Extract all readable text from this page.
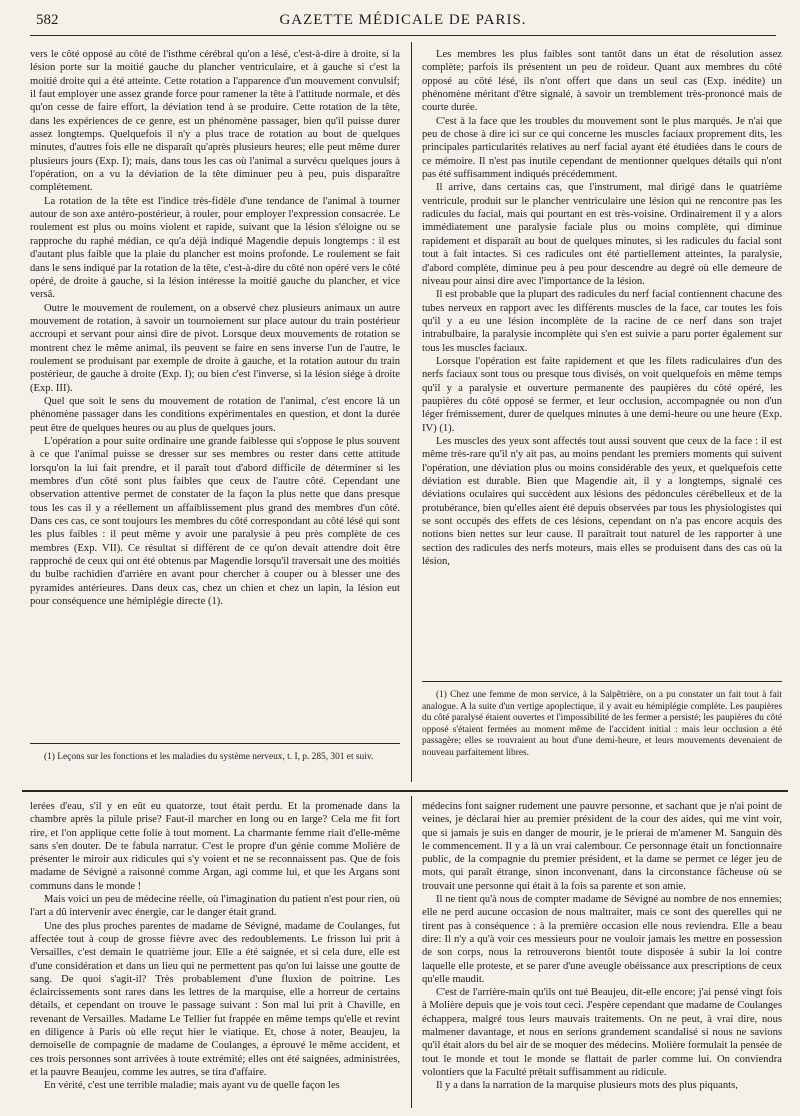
582	GAZETTE MÉDICALE DE PARIS.

vers le côté opposé au côté de l'isthme cérébral qu'on a lésé, c'est-à-dire à droite, si la lésion porte sur la moitié gauche du plancher ventriculaire, et à gauche si c'est la moitié droite qui a été atteinte. Cette rotation a l'apparence d'un mouvement convulsif; il faut employer une assez grande force pour ramener la tête à l'attitude normale, et dès qu'on cesse de faire effort, la déviation tend à se produire. Cette rotation de la tête, dans les expériences de ce genre, est un phénomène passager, bien qu'il puisse durer assez longtemps. Quelquefois il n'y a plus trace de rotation au bout de quelques minutes, d'autres fois elle ne disparaît qu'après plusieurs heures; elle peut même durer plusieurs jours (Exp. I); mais, dans tous les cas où l'animal a survécu quelques jours à l'opération, on a vu la déviation de la tête diminuer peu à peu, puis disparaître complétement.

La rotation de la tête est l'indice très-fidèle d'une tendance de l'animal à tourner autour de son axe antéro-postérieur, à rouler, pour employer l'expression consacrée. Le roulement est plus ou moins violent et rapide, suivant que la lésion s'éloigne ou se rapproche du raphé médian, ce qu'a déjà indiqué Magendie depuis longtemps : il est d'autant plus faible que la plaie du plancher est moins profonde. Le roulement se fait dans le sens indiqué par la rotation de la tête, c'est-à-dire du côté non opéré vers le côté opéré, de droite à gauche, si la lésion intéresse la moitié gauche du plancher, et vice versâ.

Outre le mouvement de roulement, on a observé chez plusieurs animaux un autre mouvement de rotation, à savoir un tournoiement sur place autour du train postérieur accroupi et servant pour ainsi dire de pivot. Lorsque deux mouvements de rotation se montrent chez le même animal, ils peuvent se faire en sens inverse l'un de l'autre, le roulement se produisant par exemple de droite à gauche, et la rotation autour du train postérieur, de gauche à droite (Exp. I); ou bien c'est l'inverse, si la lésion siége à droite (Exp. III).

Quel que soit le sens du mouvement de rotation de l'animal, c'est encore là un phénomène passager dans les conditions expérimentales en question, et dont la durée peut être de quelques heures ou au plus de quelques jours.

L'opération a pour suite ordinaire une grande faiblesse qui s'oppose le plus souvent à ce que l'animal puisse se dresser sur ses membres ou rester dans cette attitude lorsqu'on la lui fait prendre, et il paraît tout d'abord difficile de déterminer si les membres d'un côté sont plus faibles que ceux de l'autre côté. Cependant une observation attentive permet de constater de la façon la plus nette que dans presque tous les cas il y a réellement un affaiblissement plus grand des membres d'un côté. Dans ces cas, ce sont toujours les membres du côté correspondant au côté lésé qui sont les plus faibles : il peut même y avoir une paralysie à peu près complète de ces membres (Exp. VII). Ce résultat si différent de ce qu'on devait attendre doit être rapproché de ceux qui ont été obtenus par Magendie lorsqu'il traversait une des moitiés du bulbe rachidien d'arrière en avant pour chercher à couper ou à blesser une des pyramides antérieures. Dans deux cas, chez un chien et chez un lapin, la lésion eut pour conséquence une hémiplégie directe (1).

(1) Leçons sur les fonctions et les maladies du système nerveux, t. I, p. 285, 301 et suiv.

Les membres les plus faibles sont tantôt dans un état de résolution assez complète; parfois ils présentent un peu de roideur. Quant aux membres du côté opposé au côté lésé, ils n'ont offert que dans un seul cas (Exp. inédite) un phénomène méritant d'être signalé, à savoir un tremblement très-prononcé mais de courte durée.

C'est à la face que les troubles du mouvement sont le plus marqués. Je n'ai que peu de chose à dire ici sur ce qui concerne les muscles faciaux proprement dits, les principales particularités relatives au nerf facial ayant été étudiées dans le cours de ce mémoire. Il n'est pas inutile cependant de mentionner quelques détails qui n'ont pas été suffisamment indiqués précédemment.

Il arrive, dans certains cas, que l'instrument, mal dirigé dans le quatrième ventricule, produit sur le plancher ventriculaire une lésion qui ne rencontre pas les radicules du facial, mais qui pourtant en est très-voisine. Ordinairement il y a alors immédiatement une paralysie faciale plus ou moins complète, qui diminue rapidement et disparaît au bout de quelques minutes, si les radicules du facial sont tout à fait intactes. Si ces radicules ont été partiellement atteintes, la paralysie, d'abord complète, diminue peu à peu pour descendre au degré où elle demeure de niveau pour ainsi dire avec l'importance de la lésion.

Il est probable que la plupart des radicules du nerf facial contiennent chacune des tubes nerveux en rapport avec les différents muscles de la face, car toutes les fois qu'il y a eu une lésion incomplète de la racine de ce nerf dans son trajet intrabulbaire, la paralysie incomplète qui s'en est suivie a paru porter également sur tous les muscles faciaux.

Lorsque l'opération est faite rapidement et que les filets radiculaires d'un des nerfs faciaux sont tous ou presque tous divisés, on voit quelquefois en même temps qu'il y a paralysie et ouverture permanente des paupières du côté opéré, les paupières du côté opposé se fermer, et leur occlusion, accompagnée ou non d'un léger frémissement, durer de quelques minutes à une demi-heure ou une heure (Exp. IV) (1).

Les muscles des yeux sont affectés tout aussi souvent que ceux de la face : il est même très-rare qu'il n'y ait pas, au moins pendant les premiers moments qui suivent l'opération, une déviation plus ou moins considérable des yeux, et quelquefois cette déviation est durable. Bien que Magendie ait, il y a longtemps, signalé ces déviations oculaires qui succèdent aux lésions des pédoncules cérébelleux et de la protubérance, bien qu'elles aient été depuis observées par tous les physiologistes qui se sont occupés des effets de ces lésions, cependant on n'a pas encore acquis des notions bien nettes sur leur cause. Il paraîtrait tout naturel de les rapporter à une section des radicules des nerfs moteurs, mais elles se produisent dans des cas où la lésion,

(1) Chez une femme de mon service, à la Salpêtrière, on a pu constater un fait tout à fait analogue. A la suite d'un vertige apoplectique, il y avait eu hémiplégie complète. Les paupières du côté paralysé étaient ouvertes et l'impossibilité de les fermer a persisté; les paupières du côté opposé s'étaient fermées au moment même de l'accident initial : mais leur occlusion a été passagère; elles se rouvraient au bout d'une demi-heure, et leurs mouvements devenaient de nouveau parfaitement libres.

lerées d'eau, s'il y en eût eu quatorze, tout était perdu. Et la promenade dans la chambre après la pilule prise? Faut-il marcher en long ou en large? Cela me fit fort rire, et l'on applique cette folie à tout moment. La charmante femme riait d'elle-même sans s'en douter. De te fabula narratur. C'est le propre d'un génie comme Molière de présenter le miroir aux ridicules qui s'y voient et ne se reconnaissent pas. Que de fois madame de Sévigné a raisonné comme Argan, agi comme lui, et que les Argans sont communs dans le monde !

Mais voici un peu de médecine réelle, où l'imagination du patient n'est pour rien, où l'art a dû intervenir avec énergie, car le danger était grand.

Une des plus proches parentes de madame de Sévigné, madame de Coulanges, fut affectée tout à coup de grosse fièvre avec des redoublements. Le frisson lui prit à Versailles, c'est demain le quatrième jour. Elle a été saignée, et si cela dure, elle est d'une considération et dans un lieu qui ne permettent pas qu'on lui laisse une goutte de sang. De quoi s'agit-il? Très probablement d'une fluxion de poitrine. Les éclaircissements sont rares dans les lettres de la marquise, elle a horreur de certains détails, et cependant on trouve le passage suivant : Son mal lui prit à Chaville, en revenant de Versailles. Madame Le Tellier fut frappée en même temps qu'elle et revint en diligence à Paris où elle reçut hier le viatique. Et, chose à noter, Beaujeu, la demoiselle de compagnie de madame de Coulanges, a éprouvé le même accident, et ces trois personnes sont arrivées à toute extrémité; elles ont été saignées, administrées, et la pauvre Beaujeu, comme les autres, se tira d'affaire.

En vérité, c'est une terrible maladie; mais ayant vu de quelle façon les

médecins font saigner rudement une pauvre personne, et sachant que je n'ai point de veines, je déclarai hier au premier président de la cour des aides, qui me vint voir, que si jamais je suis en danger de mourir, je le prierai de m'amener M. Sanguin dès le commencement. Il y a là un vrai calembour. Ce personnage était un fonctionnaire public, de la compagnie du premier président, et la dame se permet ce léger jeu de mots, qui paraît étrange, sinon inconvenant, dans la circonstance fâcheuse où se trouvait une personne qui était à la fois sa parente et son amie.

Il ne tient qu'à nous de compter madame de Sévigné au nombre de nos ennemies; elle ne perd aucune occasion de nous maltraiter, mais ce sont des querelles qui ne tirent pas à conséquence : à la première occasion elle nous reviendra. Elle a beau dire: Il n'y a qu'à voir ces messieurs pour ne vouloir jamais les mettre en possession de son corps, nous la retrouverons bientôt toute disposée à subir la loi contre laquelle elle proteste, et se parer d'une aveugle obéissance aux prescriptions de ceux qu'elle maudit.

C'est de l'arrière-main qu'ils ont tué Beaujeu, dit-elle encore; j'ai pensé vingt fois à Molière depuis que je vois tout ceci. J'espère cependant que madame de Coulanges échappera, malgré tous leurs mauvais traitements. On ne peut, à vrai dire, nous malmener davantage, et nous en serions grandement scandalisé si nous ne savions qu'il était alors du bel air de se moquer des médecins. Molière formulait la pensée de tout le monde et tout le monde se flattait de parler comme lui. On conviendra volontiers que la Faculté prêtait suffisamment au ridicule.

Il y a dans la narration de la marquise plusieurs mots des plus piquants,
